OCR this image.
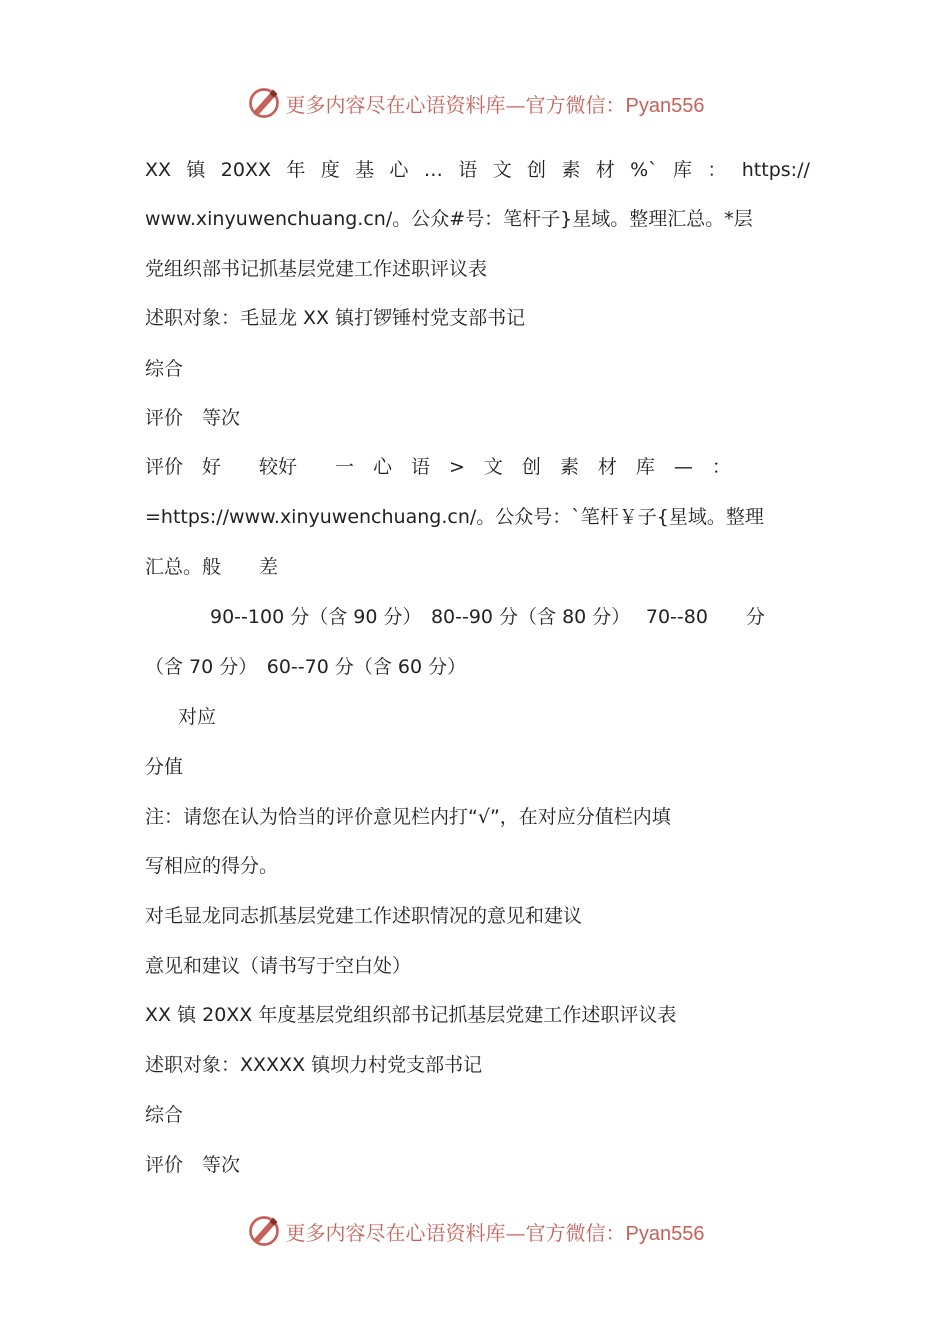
更多内容尽在心语资料库—官方微信：Pyan556
XX 镇 20XX 年 度 基 心 … 语 文 创 素 材 %` 库 ： https://
www.xinyuwenchuang.cn/。公众#号：笔杆子}星域。整理汇总。*层
党组织部书记抓基层党建工作述职评议表
述职对象：毛显龙 XX 镇打锣锤村党支部书记
综合
评价　等次
评价　好　　较好　　一　心　语　>　文　创　素　材　库　—　：
=https://www.xinyuwenchuang.cn/。公众号：`笔杆￥子{星域。整理
汇总。般　　差
90--100 分（含 90 分）　80--90 分（含 80 分）　 70--80　　分
（含 70 分）　60--70 分（含 60 分）
对应
分值
注：请您在认为恰当的评价意见栏内打“√”，在对应分值栏内填
写相应的得分。
对毛显龙同志抓基层党建工作述职情况的意见和建议
意见和建议（请书写于空白处）
XX 镇 20XX 年度基层党组织部书记抓基层党建工作述职评议表
述职对象：XXXXX 镇坝力村党支部书记
综合
评价　等次
更多内容尽在心语资料库—官方微信：Pyan556
